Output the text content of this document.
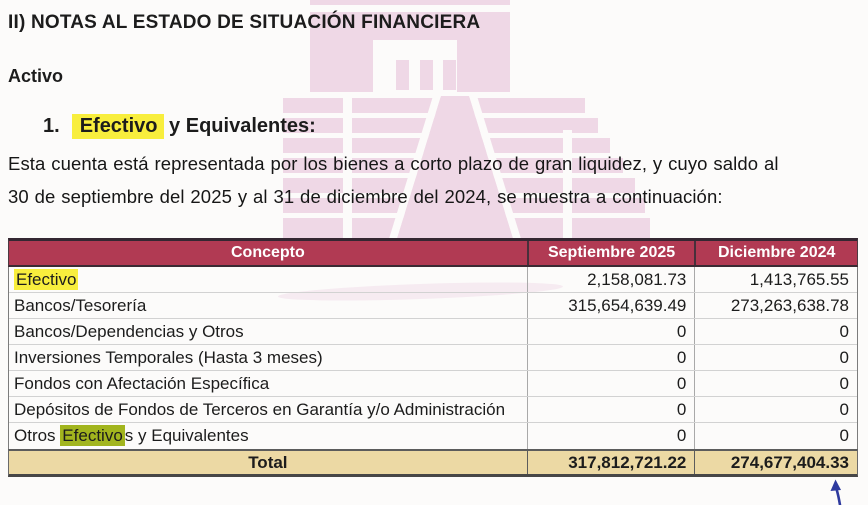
II) NOTAS AL ESTADO DE SITUACIÓN FINANCIERA
Activo
1. Efectivo y Equivalentes:
Esta cuenta está representada por los bienes a corto plazo de gran liquidez, y cuyo saldo al
30 de septiembre del 2025 y al 31 de diciembre del 2024, se muestra a continuación:
Concepto	Septiembre 2025	Diciembre 2024
Efectivo	2,158,081.73	1,413,765.55
Bancos/Tesorería	315,654,639.49	273,263,638.78
Bancos/Dependencias y Otros	0	0
Inversiones Temporales (Hasta 3 meses)	0	0
Fondos con Afectación Específica	0	0
Depósitos de Fondos de Terceros en Garantía y/o Administración	0	0
Otros Efectivo s y Equivalentes	0	0
Total	317,812,721.22	274,677,404.33
